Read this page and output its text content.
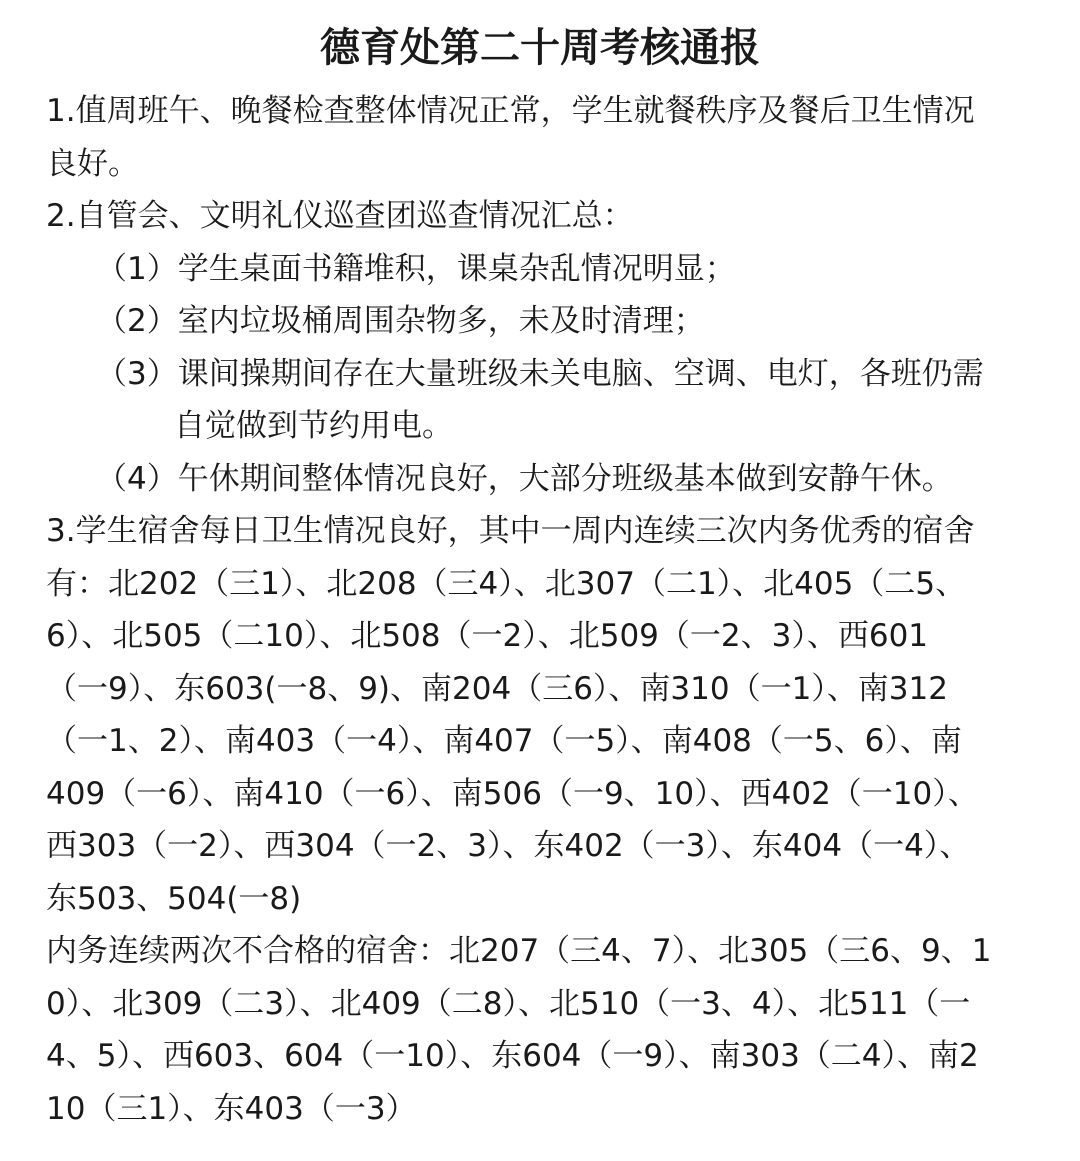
德育处第二十周考核通报

1.值周班午、晚餐检查整体情况正常，学生就餐秩序及餐后卫生情况

良好。

2.自管会、文明礼仪巡查团巡查情况汇总：

（1）学生桌面书籍堆积，课桌杂乱情况明显；

（2）室内垃圾桶周围杂物多，未及时清理；

（3）课间操期间存在大量班级未关电脑、空调、电灯，各班仍需

自觉做到节约用电。

（4）午休期间整体情况良好，大部分班级基本做到安静午休。

3.学生宿舍每日卫生情况良好，其中一周内连续三次内务优秀的宿舍

有：北202（三1）、北208（三4）、北307（二1）、北405（二5、

6）、北505（二10）、北508（一2）、北509（一2、3）、西601

（一9）、东603(一8、9)、南204（三6）、南310（一1）、南312

（一1、2）、南403（一4）、南407（一5）、南408（一5、6）、南

409（一6）、南410（一6）、南506（一9、10）、西402（一10）、

西303（一2）、西304（一2、3）、东402（一3）、东404（一4）、

东503、504(一8)

内务连续两次不合格的宿舍：北207（三4、7）、北305（三6、9、1

0）、北309（二3）、北409（二8）、北510（一3、4）、北511（一

4、5）、西603、604（一10）、东604（一9）、南303（二4）、南2

10（三1）、东403（一3）
